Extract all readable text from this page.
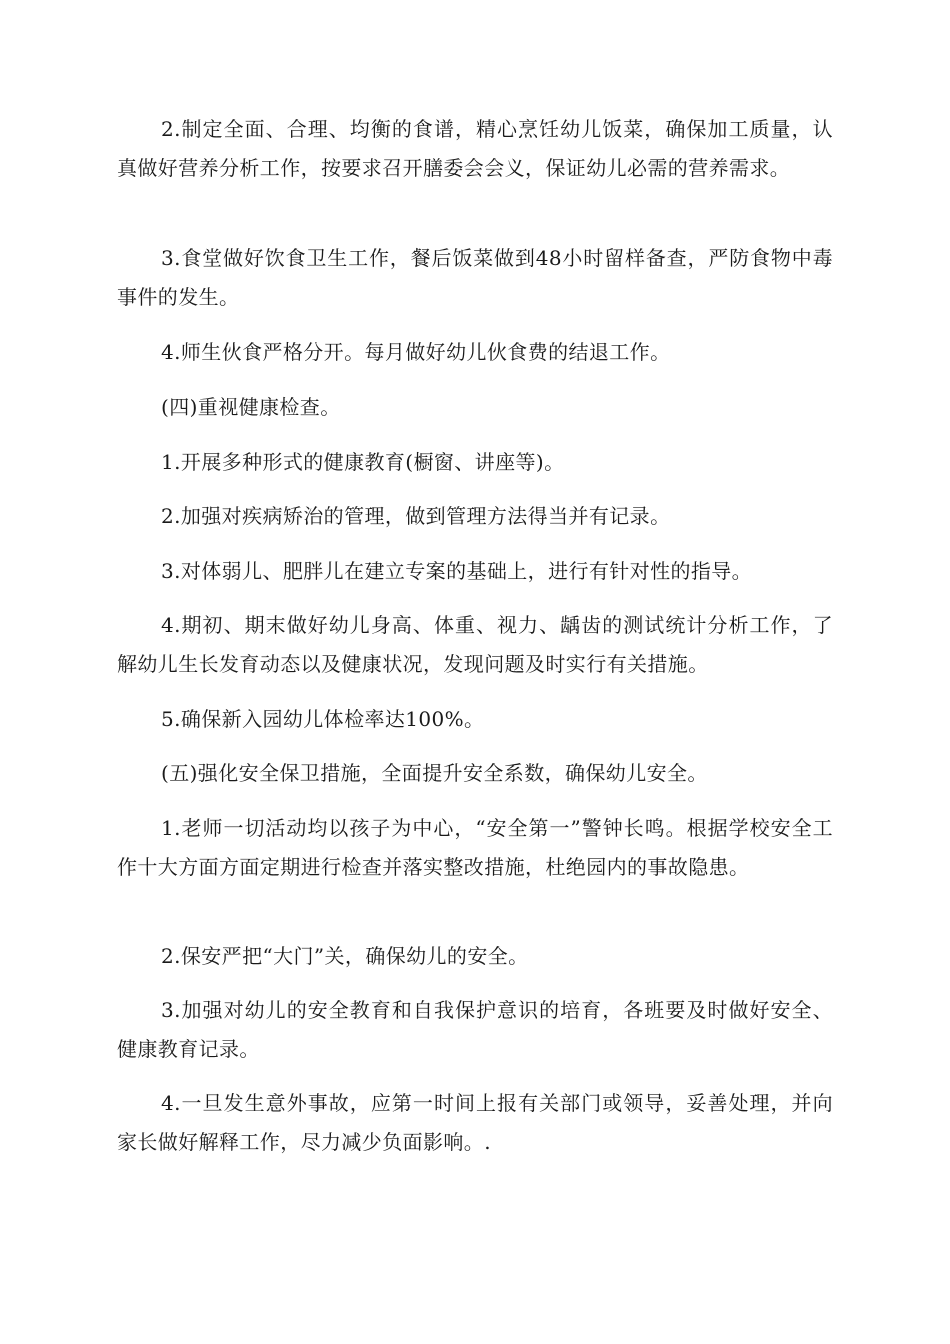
2.制定全面、合理、均衡的食谱，精心烹饪幼儿饭菜，确保加工质量，认真做好营养分析工作，按要求召开膳委会会义，保证幼儿必需的营养需求。

3.食堂做好饮食卫生工作，餐后饭菜做到48小时留样备查，严防食物中毒事件的发生。

4.师生伙食严格分开。每月做好幼儿伙食费的结退工作。

(四)重视健康检查。

1.开展多种形式的健康教育(橱窗、讲座等)。

2.加强对疾病矫治的管理，做到管理方法得当并有记录。

3.对体弱儿、肥胖儿在建立专案的基础上，进行有针对性的指导。

4.期初、期末做好幼儿身高、体重、视力、龋齿的测试统计分析工作，了解幼儿生长发育动态以及健康状况，发现问题及时实行有关措施。

5.确保新入园幼儿体检率达100%。

(五)强化安全保卫措施，全面提升安全系数，确保幼儿安全。

1.老师一切活动均以孩子为中心，“安全第一”警钟长鸣。根据学校安全工作十大方面方面定期进行检查并落实整改措施，杜绝园内的事故隐患。

2.保安严把“大门”关，确保幼儿的安全。

3.加强对幼儿的安全教育和自我保护意识的培育，各班要及时做好安全、健康教育记录。

4.一旦发生意外事故，应第一时间上报有关部门或领导，妥善处理，并向家长做好解释工作，尽力减少负面影响。.
